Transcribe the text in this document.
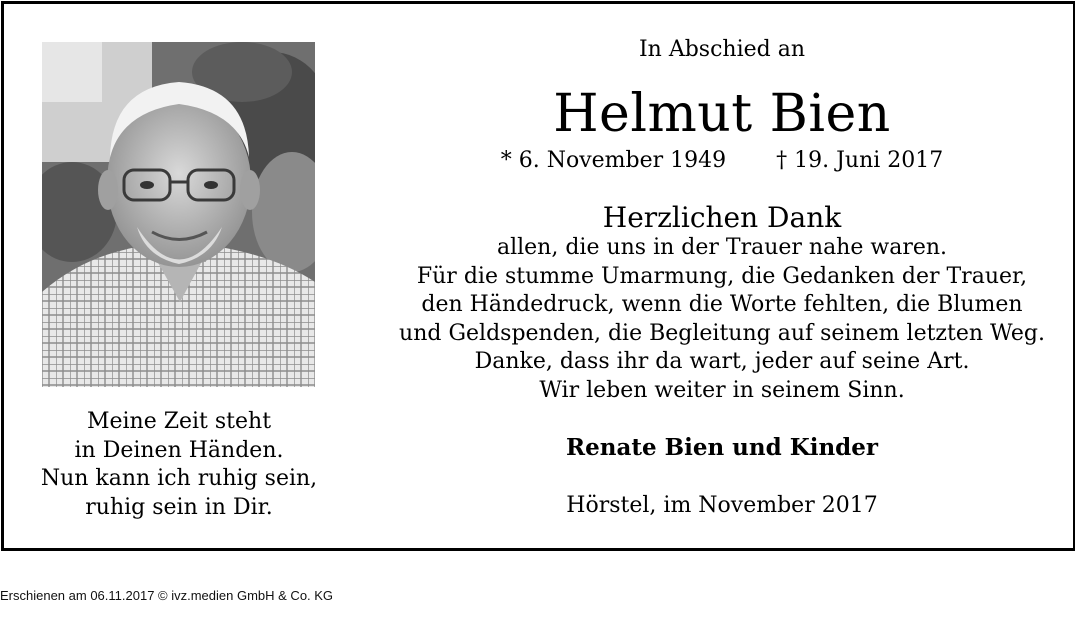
Meine Zeit steht
in Deinen Händen.
Nun kann ich ruhig sein,
ruhig sein in Dir.
In Abschied an
Helmut Bien
* 6. November 1949 † 19. Juni 2017
Herzlichen Dank
allen, die uns in der Trauer nahe waren.
Für die stumme Umarmung, die Gedanken der Trauer,
den Händedruck, wenn die Worte fehlten, die Blumen
und Geldspenden, die Begleitung auf seinem letzten Weg.
Danke, dass ihr da wart, jeder auf seine Art.
Wir leben weiter in seinem Sinn.
Renate Bien und Kinder
Hörstel, im November 2017
Erschienen am 06.11.2017 © ivz.medien GmbH & Co. KG
